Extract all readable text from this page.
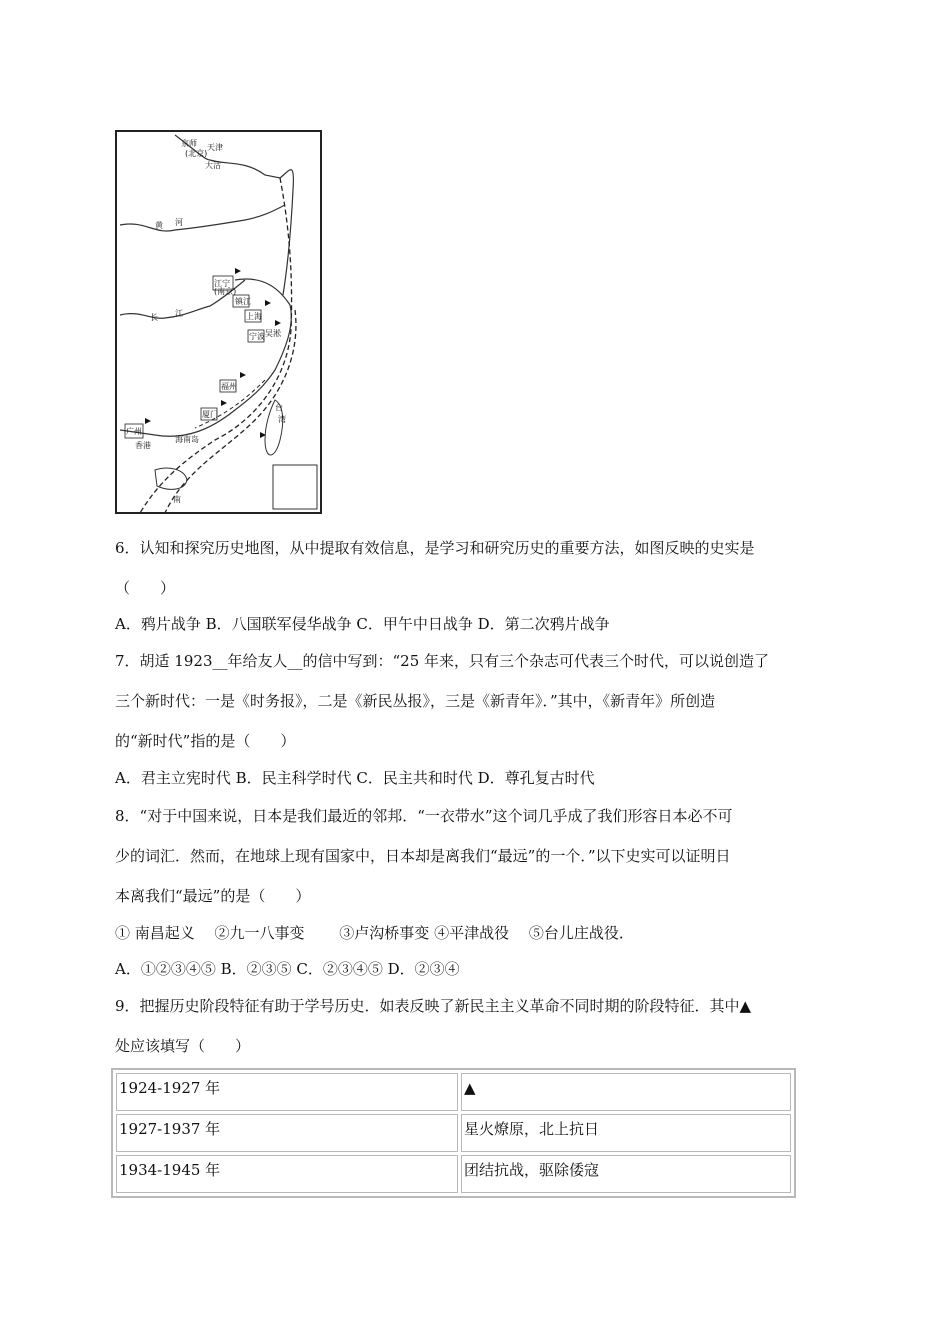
京师
(北京)
天津
大沽
黄 河
长 江
江宁
(南京)
镇江
上海
吴淞
宁波
福州
厦门
广州
香港
台
湾
海南岛
南
6．认知和探究历史地图，从中提取有效信息，是学习和研究历史的重要方法，如图反映的史实是
（　　）
A．鸦片战争 B．八国联军侵华战争 C．甲午中日战争 D．第二次鸦片战争
7．胡适 1923__年给友人__的信中写到：“25 年来，只有三个杂志可代表三个时代，可以说创造了
三个新时代：一是《时务报》，二是《新民丛报》，三是《新青年》．”其中，《新青年》所创造
的“新时代”指的是（　　）
A．君主立宪时代 B．民主科学时代 C．民主共和时代 D．尊孔复古时代
8．“对于中国来说，日本是我们最近的邻邦．“一衣带水”这个词几乎成了我们形容日本必不可
少的词汇．然而，在地球上现有国家中，日本却是离我们“最远”的一个．”以下史实可以证明日
本离我们“最远”的是（　　）
① 南昌起义　 ②九一八事变　　 ③卢沟桥事变 ④平津战役　 ⑤台儿庄战役．
A．①②③④⑤ B．②③⑤ C．②③④⑤ D．②③④
9．把握历史阶段特征有助于学号历史．如表反映了新民主主义革命不同时期的阶段特征．其中▲
处应该填写（　　）
1924-1927 年	▲
1927-1937 年	星火燎原，北上抗日
1934-1945 年	团结抗战，驱除倭寇
